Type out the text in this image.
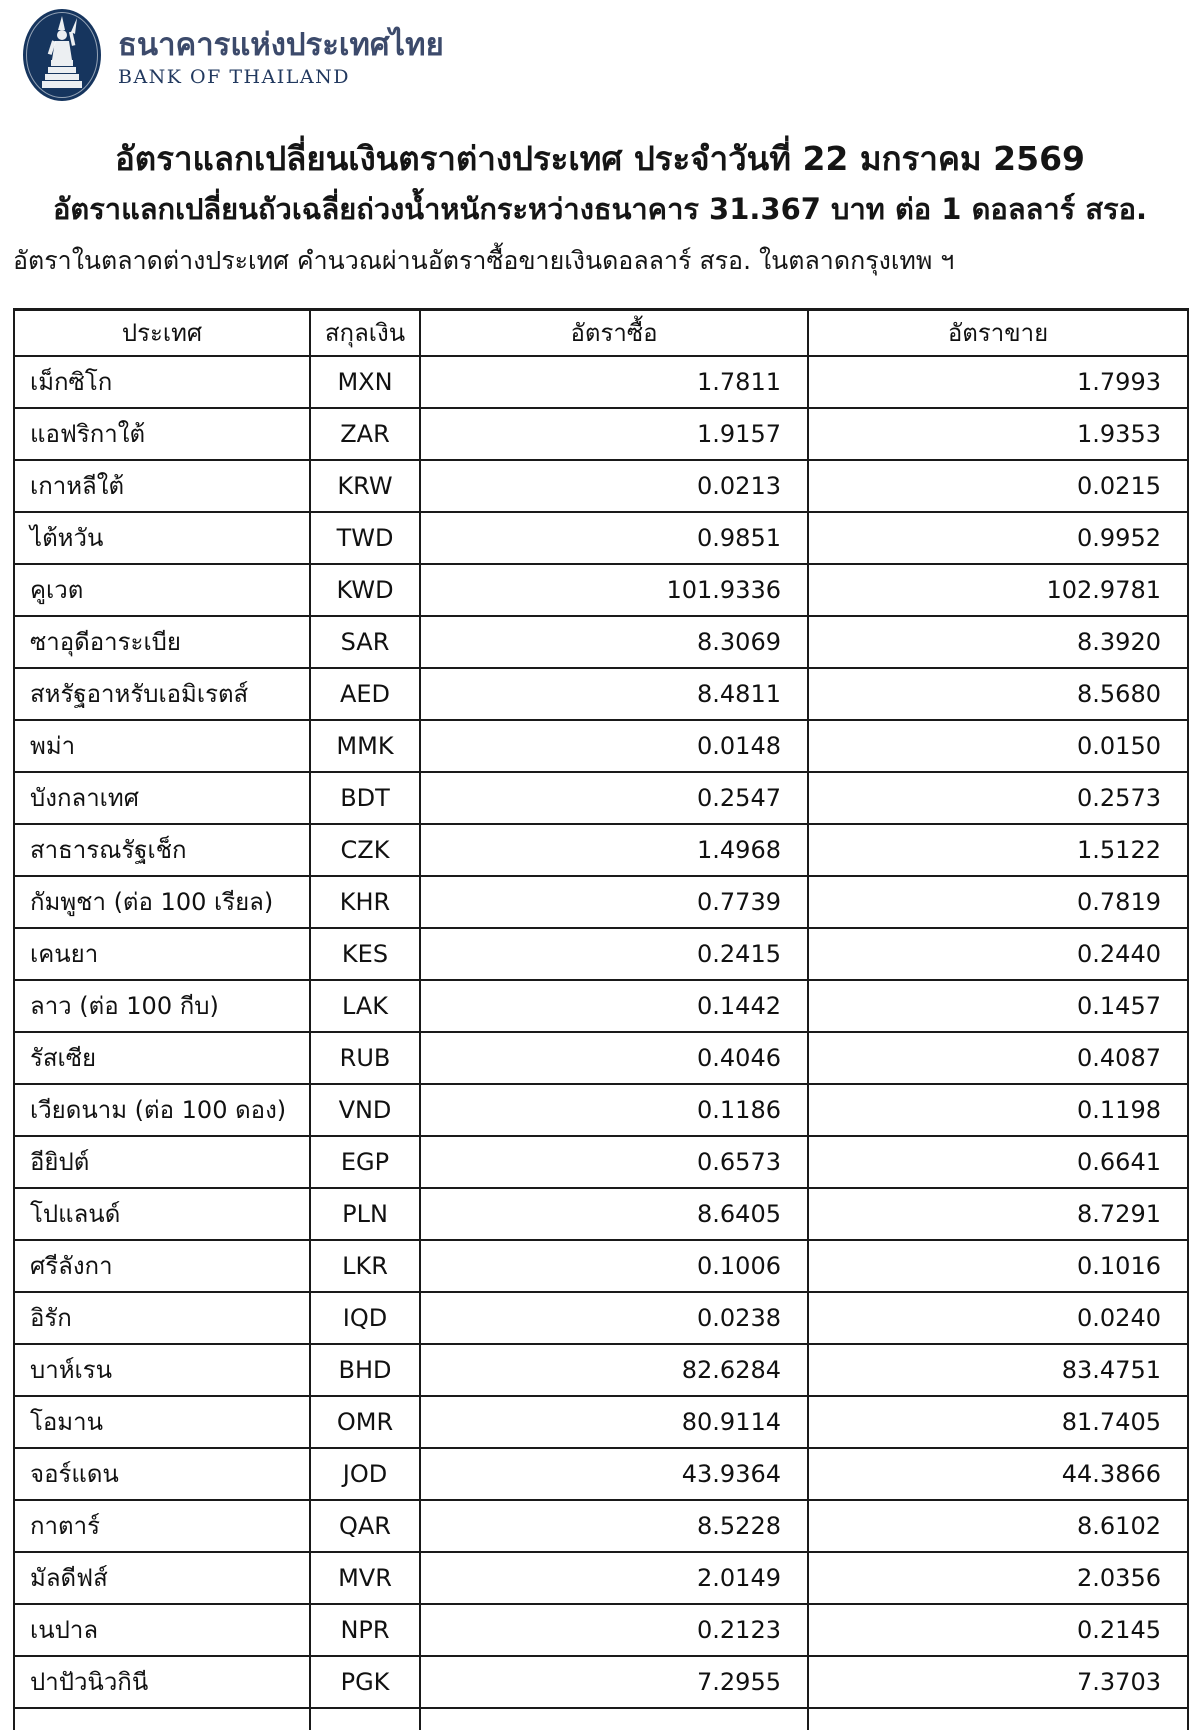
ธนาคารแห่งประเทศไทย
BANK OF THAILAND
อัตราแลกเปลี่ยนเงินตราต่างประเทศ ประจำวันที่ 22 มกราคม 2569
อัตราแลกเปลี่ยนถัวเฉลี่ยถ่วงน้ำหนักระหว่างธนาคาร 31.367 บาท ต่อ 1 ดอลลาร์ สรอ.
อัตราในตลาดต่างประเทศ คำนวณผ่านอัตราซื้อขายเงินดอลลาร์ สรอ. ในตลาดกรุงเทพ ฯ
ประเทศ	สกุลเงิน	อัตราซื้อ	อัตราขาย
เม็กซิโก	MXN	1.7811	1.7993
แอฟริกาใต้	ZAR	1.9157	1.9353
เกาหลีใต้	KRW	0.0213	0.0215
ไต้หวัน	TWD	0.9851	0.9952
คูเวต	KWD	101.9336	102.9781
ซาอุดีอาระเบีย	SAR	8.3069	8.3920
สหรัฐอาหรับเอมิเรตส์	AED	8.4811	8.5680
พม่า	MMK	0.0148	0.0150
บังกลาเทศ	BDT	0.2547	0.2573
สาธารณรัฐเช็ก	CZK	1.4968	1.5122
กัมพูชา (ต่อ 100 เรียล)	KHR	0.7739	0.7819
เคนยา	KES	0.2415	0.2440
ลาว (ต่อ 100 กีบ)	LAK	0.1442	0.1457
รัสเซีย	RUB	0.4046	0.4087
เวียดนาม (ต่อ 100 ดอง)	VND	0.1186	0.1198
อียิปต์	EGP	0.6573	0.6641
โปแลนด์	PLN	8.6405	8.7291
ศรีลังกา	LKR	0.1006	0.1016
อิรัก	IQD	0.0238	0.0240
บาห์เรน	BHD	82.6284	83.4751
โอมาน	OMR	80.9114	81.7405
จอร์แดน	JOD	43.9364	44.3866
กาตาร์	QAR	8.5228	8.6102
มัลดีฟส์	MVR	2.0149	2.0356
เนปาล	NPR	0.2123	0.2145
ปาปัวนิวกินี	PGK	7.2955	7.3703
